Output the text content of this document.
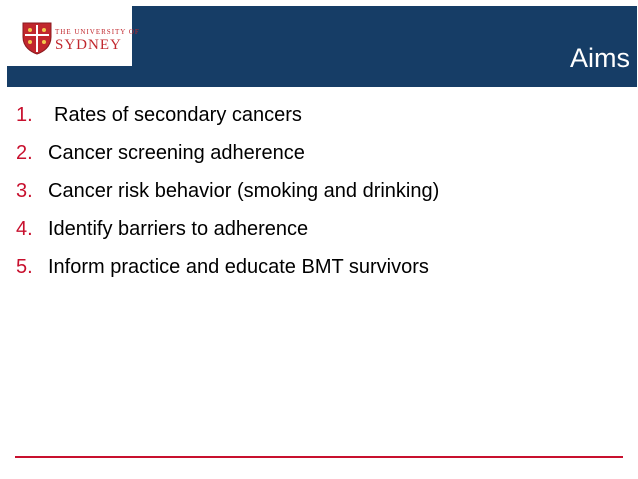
Aims
THE UNIVERSITY OF
SYDNEY
1. Rates of secondary cancers
2. Cancer screening adherence
3. Cancer risk behavior (smoking and drinking)
4. Identify barriers to adherence
5. Inform practice and educate BMT survivors
